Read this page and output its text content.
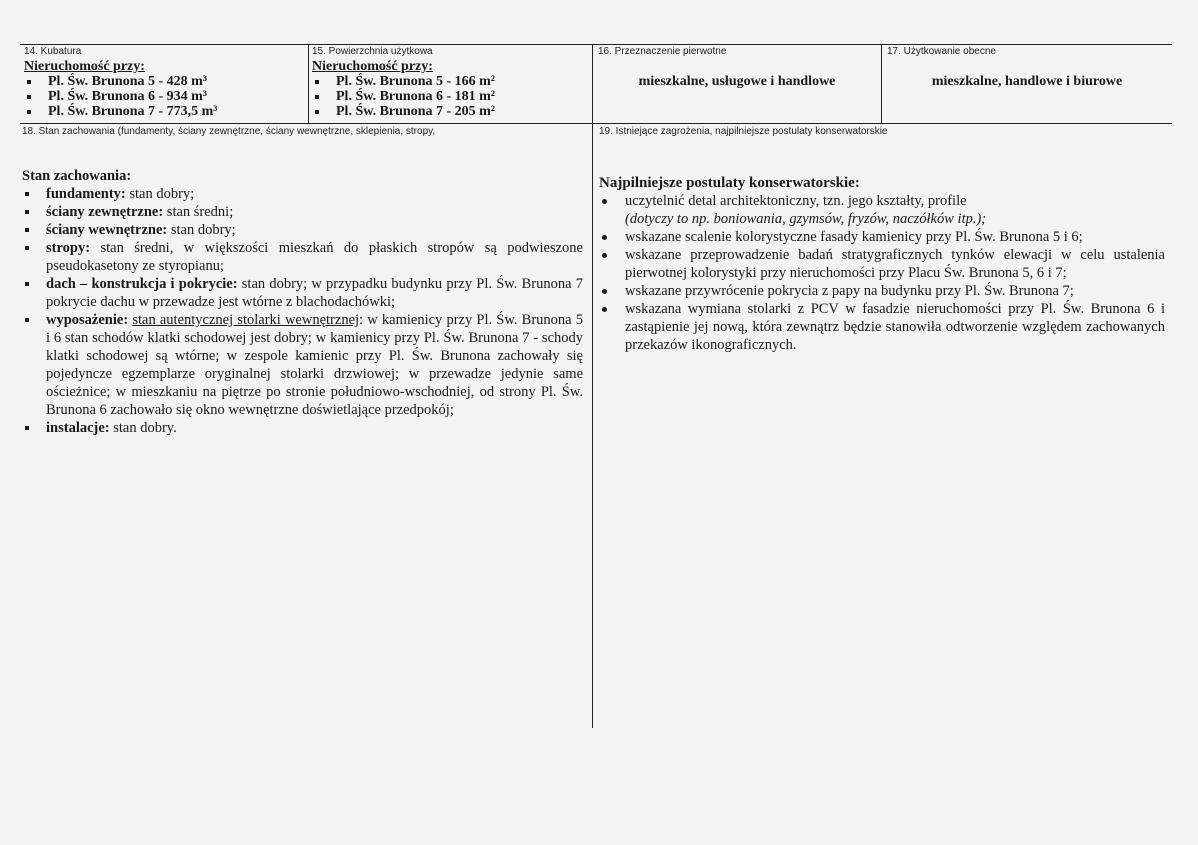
14. Kubatura
Nieruchomość przy:
Pl. Św. Brunona 5 - 428 m³
Pl. Św. Brunona 6 - 934 m³
Pl. Św. Brunona 7 - 773,5 m³
15. Powierzchnia użytkowa
Nieruchomość przy:
Pl. Św. Brunona 5 - 166 m²
Pl. Św. Brunona 6 - 181 m²
Pl. Św. Brunona 7 - 205 m²
16. Przeznaczenie pierwotne
mieszkalne, usługowe i handlowe
17. Użytkowanie obecne
mieszkalne, handlowe i biurowe
18. Stan zachowania (fundamenty, ściany zewnętrzne, ściany wewnętrzne, sklepienia, stropy,
Stan zachowania:
fundamenty: stan dobry;
ściany zewnętrzne: stan średni;
ściany wewnętrzne: stan dobry;
stropy: stan średni, w większości mieszkań do płaskich stropów są podwieszone pseudokasetony ze styropianu;
dach – konstrukcja i pokrycie: stan dobry; w przypadku budynku przy Pl. Św. Brunona 7 pokrycie dachu w przewadze jest wtórne z blachodachówki;
wyposażenie: stan autentycznej stolarki wewnętrznej: w kamienicy przy Pl. Św. Brunona 5 i 6 stan schodów klatki schodowej jest dobry; w kamienicy przy Pl. Św. Brunona 7 - schody klatki schodowej są wtórne; w zespole kamienic przy Pl. Św. Brunona zachowały się pojedyncze egzemplarze oryginalnej stolarki drzwiowej; w przewadze jedynie same ościeżnice; w mieszkaniu na piętrze po stronie południowo-wschodniej, od strony Pl. Św. Brunona 6 zachowało się okno wewnętrzne doświetlające przedpokój;
instalacje: stan dobry.
19. Istniejące zagrożenia, najpilniejsze postulaty konserwatorskie
Najpilniejsze postulaty konserwatorskie:
uczytelnić detal architektoniczny, tzn. jego kształty, profile
(dotyczy to np. boniowania, gzymsów, fryzów, naczółków itp.);
wskazane scalenie kolorystyczne fasady kamienicy przy Pl. Św. Brunona 5 i 6;
wskazane przeprowadzenie badań stratygraficznych tynków elewacji w celu ustalenia pierwotnej kolorystyki przy nieruchomości przy Placu Św. Brunona 5, 6 i 7;
wskazane przywrócenie pokrycia z papy na budynku przy Pl. Św. Brunona 7;
wskazana wymiana stolarki z PCV w fasadzie nieruchomości przy Pl. Św. Brunona 6 i zastąpienie jej nową, która zewnątrz będzie stanowiła odtworzenie względem zachowanych przekazów ikonograficznych.
